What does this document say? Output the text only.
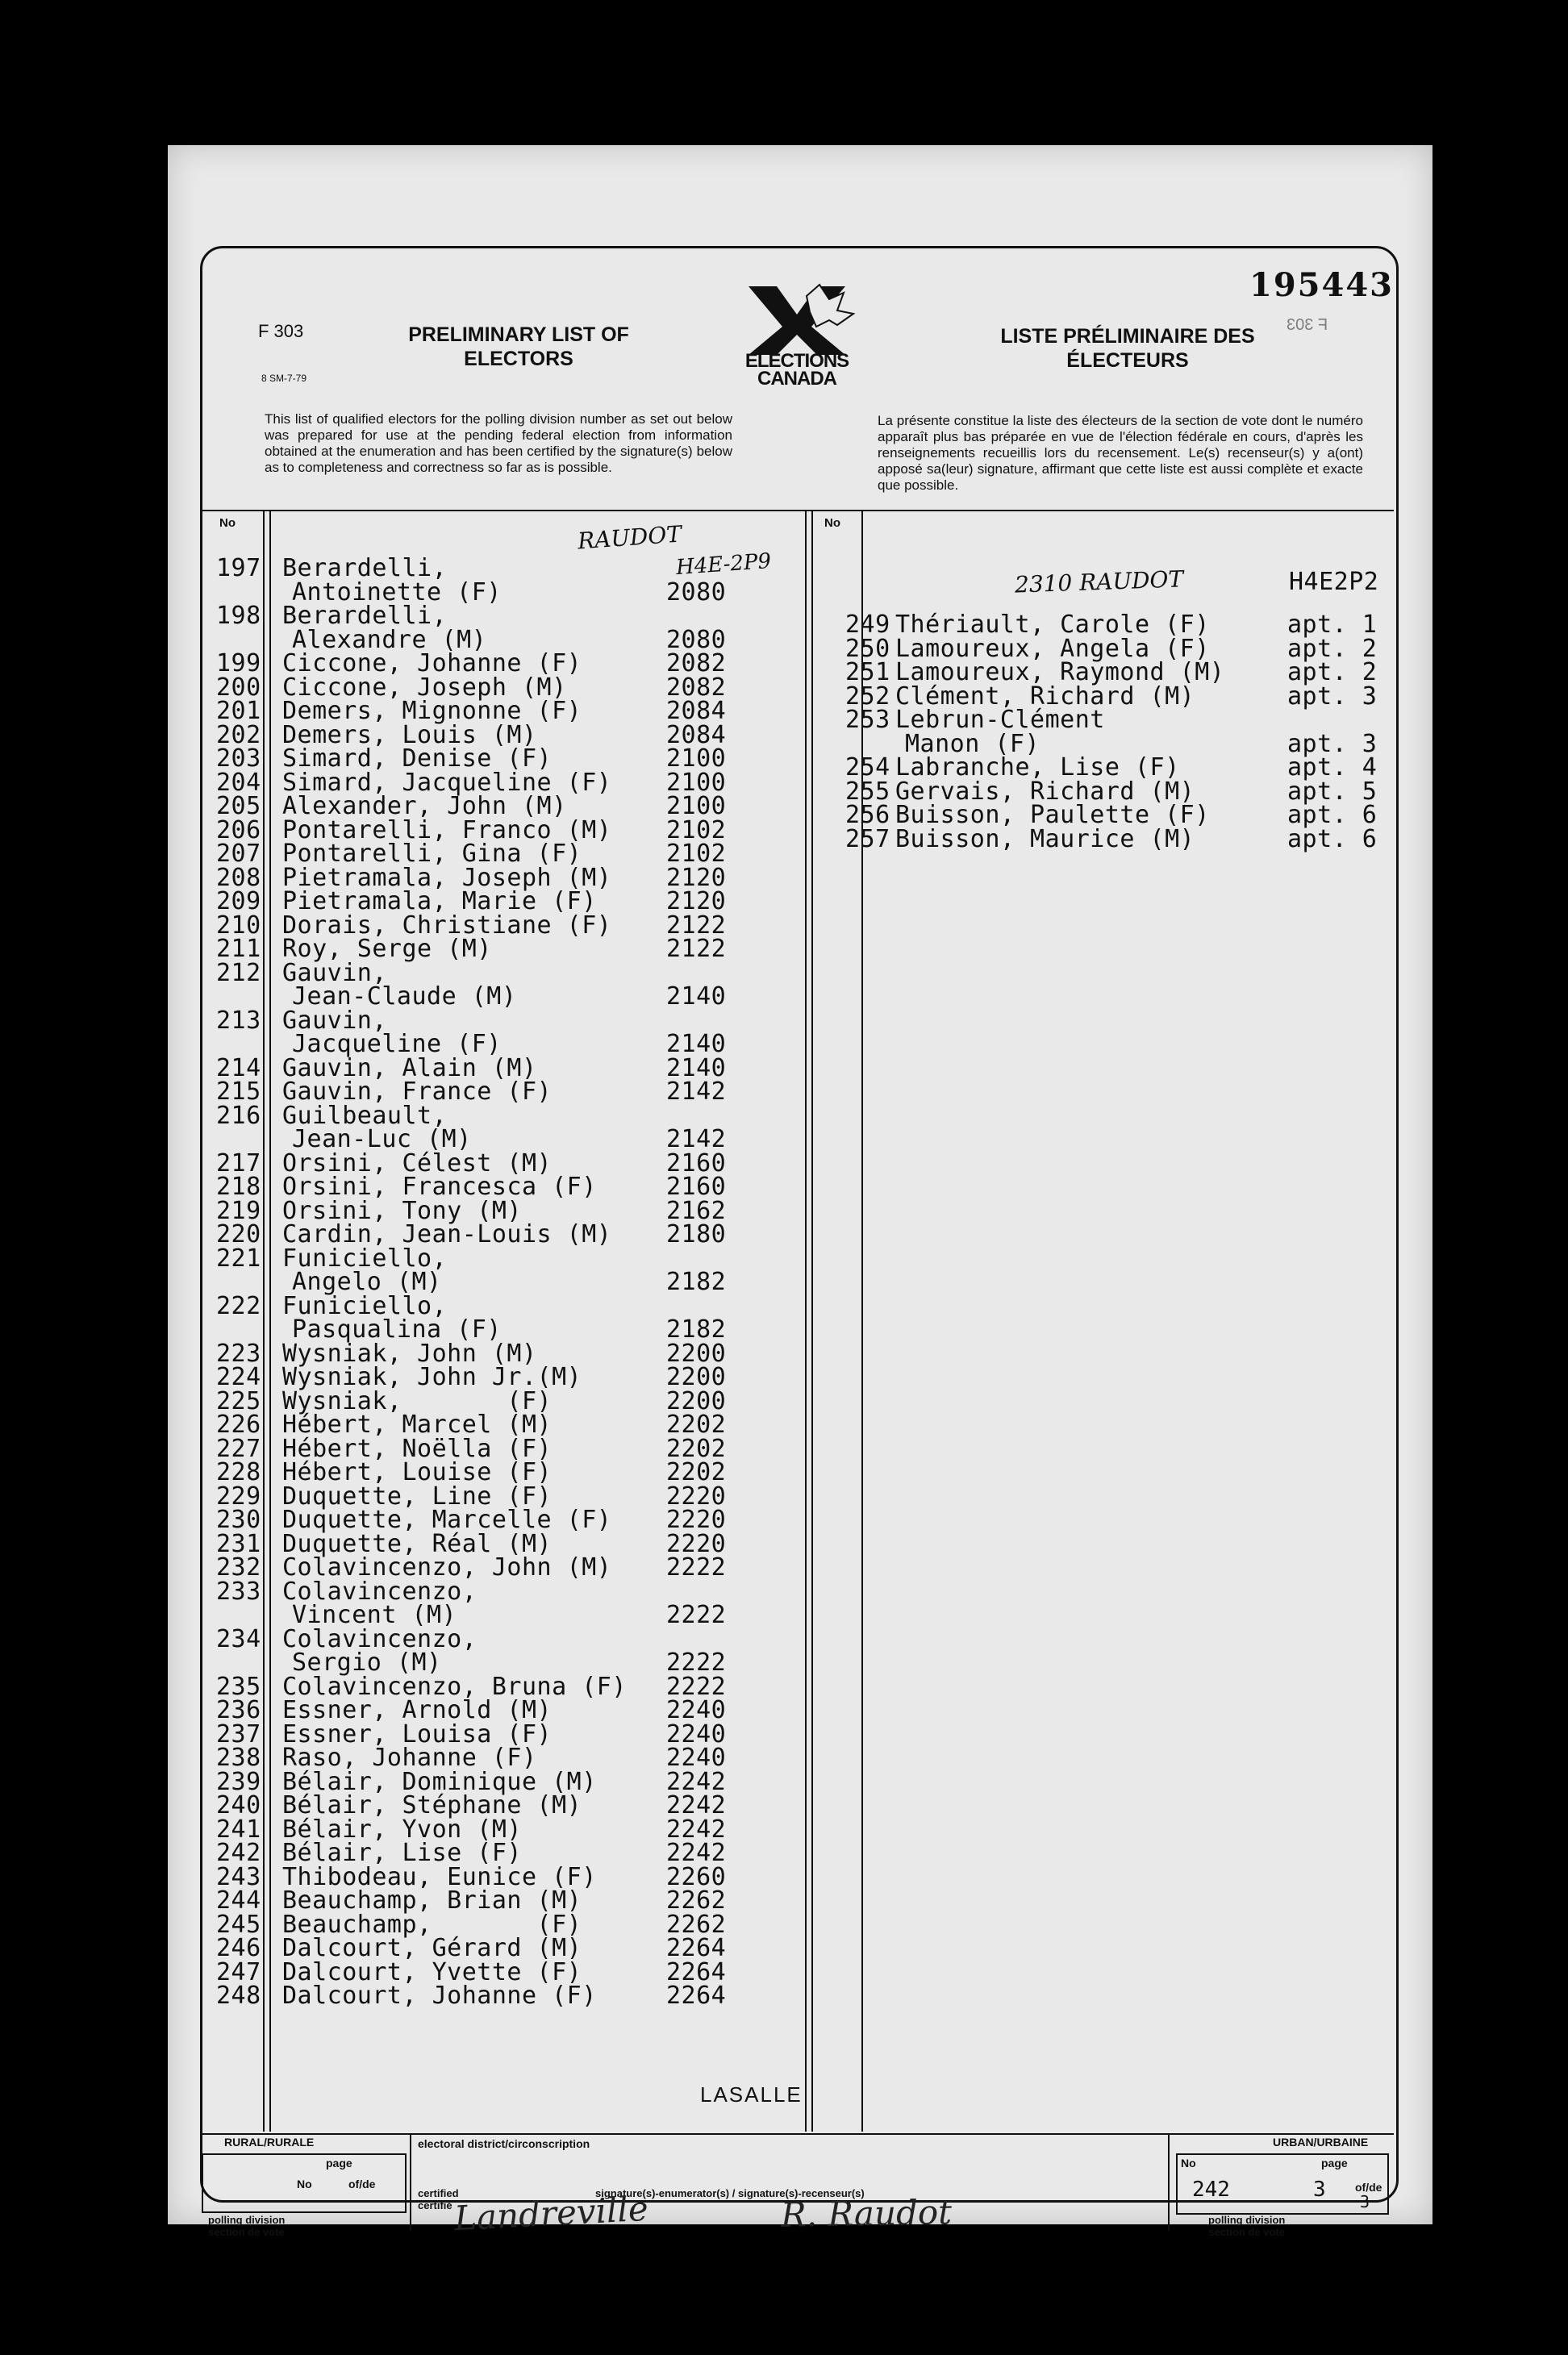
195443
F 303
8 SM-7-79
PRELIMINARY LIST OF ELECTORS
LISTE PRÉLIMINAIRE DES ÉLECTEURS
F 303
ELECTIONS
CANADA
This list of qualified electors for the polling division number as set out below was prepared for use at the pending federal election from information obtained at the enumeration and has been certified by the signature(s) below as to completeness and correctness so far as is possible.
La présente constitue la liste des électeurs de la section de vote dont le numéro apparaît plus bas préparée en vue de l'élection fédérale en cours, d'après les renseignements recueillis lors du recensement. Le(s) recenseur(s) y a(ont) apposé sa(leur) signature, affirmant que cette liste est aussi complète et exacte que possible.
No	No
RAUDOT
H4E-2P9
2310 RAUDOT	H4E2P2
197 Berardelli,
Antoinette (F)	2080
198 Berardelli,
Alexandre (M)	2080
199 Ciccone, Johanne (F)	2082
200 Ciccone, Joseph (M)	2082
201 Demers, Mignonne (F)	2084
202 Demers, Louis (M)	2084
203 Simard, Denise (F)	2100
204 Simard, Jacqueline (F) 2100
205 Alexander, John (M)	2100
206 Pontarelli, Franco (M) 2102
207 Pontarelli, Gina (F)	2102
208 Pietramala, Joseph (M) 2120
209 Pietramala, Marie (F)	2120
210 Dorais, Christiane (F) 2122
211 Roy, Serge (M)	2122
212 Gauvin,
Jean-Claude (M)	2140
213 Gauvin,
Jacqueline (F)	2140
214 Gauvin, Alain (M)	2140
215 Gauvin, France (F)	2142
216 Guilbeault,
Jean-Luc (M)	2142
217 Orsini, Célest (M)	2160
218 Orsini, Francesca (F)	2160
219 Orsini, Tony (M)	2162
220 Cardin, Jean-Louis (M) 2180
221 Funiciello,
Angelo (M)	2182
222 Funiciello,
Pasqualina (F)	2182
223 Wysniak, John (M)	2200
224 Wysniak, John Jr.(M)	2200
225 Wysniak,       (F)	2200
226 Hébert, Marcel (M)	2202
227 Hébert, Noëlla (F)	2202
228 Hébert, Louise (F)	2202
229 Duquette, Line (F)	2220
230 Duquette, Marcelle (F) 2220
231 Duquette, Réal (M)	2220
232 Colavincenzo, John (M) 2222
233 Colavincenzo,
Vincent (M)	2222
234 Colavincenzo,
Sergio (M)	2222
235 Colavincenzo, Bruna (F) 2222
236 Essner, Arnold (M)	2240
237 Essner, Louisa (F)	2240
238 Raso, Johanne (F)	2240
239 Bélair, Dominique (M)	2242
240 Bélair, Stéphane (M)	2242
241 Bélair, Yvon (M)	2242
242 Bélair, Lise (F)	2242
243 Thibodeau, Eunice (F)	2260
244 Beauchamp, Brian (M)	2262
245 Beauchamp,       (F)	2262
246 Dalcourt, Gérard (M)	2264
247 Dalcourt, Yvette (F)	2264
248 Dalcourt, Johanne (F)	2264
249 Thériault, Carole (F)	apt. 1
250 Lamoureux, Angela (F)	apt. 2
251 Lamoureux, Raymond (M)	apt. 2
252 Clément, Richard (M)	apt. 3
253 Lebrun-Clément
Manon (F)	apt. 3
254 Labranche, Lise (F)	apt. 4
255 Gervais, Richard (M)	apt. 5
256 Buisson, Paulette (F)	apt. 6
257 Buisson, Maurice (M)	apt. 6
RURAL/RURALE
page
No	of/de
polling division
section de vote
electoral district/circonscription
LASALLE
certified
certifié
signature(s)-enumerator(s) / signature(s)-recenseur(s)
Landreville	R. Raudot
URBAN/URBAINE
No	page
of/de
242	3 3
polling division
section de vote
